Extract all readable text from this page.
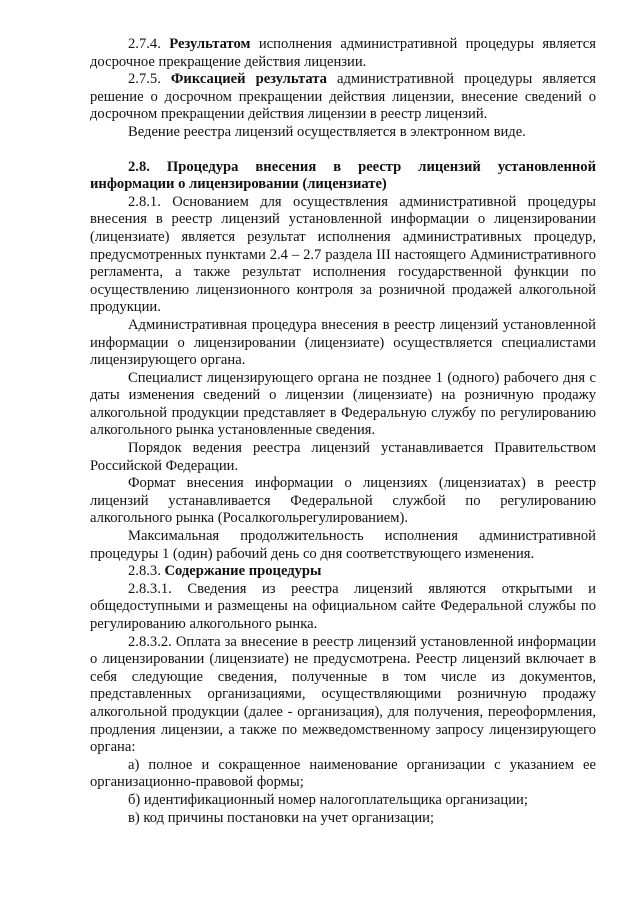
2.7.4. Результатом исполнения административной процедуры является досрочное прекращение действия лицензии.

2.7.5. Фиксацией результата административной процедуры является решение о досрочном прекращении действия лицензии, внесение сведений о досрочном прекращении действия лицензии в реестр лицензий.

Ведение реестра лицензий осуществляется в электронном виде.

2.8. Процедура внесения в реестр лицензий установленной информации о лицензировании (лицензиате)

2.8.1. Основанием для осуществления административной процедуры внесения в реестр лицензий установленной информации о лицензировании (лицензиате) является результат исполнения административных процедур, предусмотренных пунктами 2.4 – 2.7 раздела III настоящего Административного регламента, а также результат исполнения государственной функции по осуществлению лицензионного контроля за розничной продажей алкогольной продукции.

Административная процедура внесения в реестр лицензий установленной информации о лицензировании (лицензиате) осуществляется специалистами лицензирующего органа.

Специалист лицензирующего органа не позднее 1 (одного) рабочего дня с даты изменения сведений о лицензии (лицензиате) на розничную продажу алкогольной продукции представляет в Федеральную службу по регулированию алкогольного рынка установленные сведения.

Порядок ведения реестра лицензий устанавливается Правительством Российской Федерации.

Формат внесения информации о лицензиях (лицензиатах) в реестр лицензий устанавливается Федеральной службой по регулированию алкогольного рынка (Росалкогольрегулированием).

Максимальная продолжительность исполнения административной процедуры 1 (один) рабочий день со дня соответствующего изменения.

2.8.3. Содержание процедуры

2.8.3.1. Сведения из реестра лицензий являются открытыми и общедоступными и размещены на официальном сайте Федеральной службы по регулированию алкогольного рынка.

2.8.3.2. Оплата за внесение в реестр лицензий установленной информации о лицензировании (лицензиате) не предусмотрена. Реестр лицензий включает в себя следующие сведения, полученные в том числе из документов, представленных организациями, осуществляющими розничную продажу алкогольной продукции (далее - организация), для получения, переоформления, продления лицензии, а также по межведомственному запросу лицензирующего органа:

а) полное и сокращенное наименование организации с указанием ее организационно-правовой формы;

б) идентификационный номер налогоплательщика организации;

в) код причины постановки на учет организации;
